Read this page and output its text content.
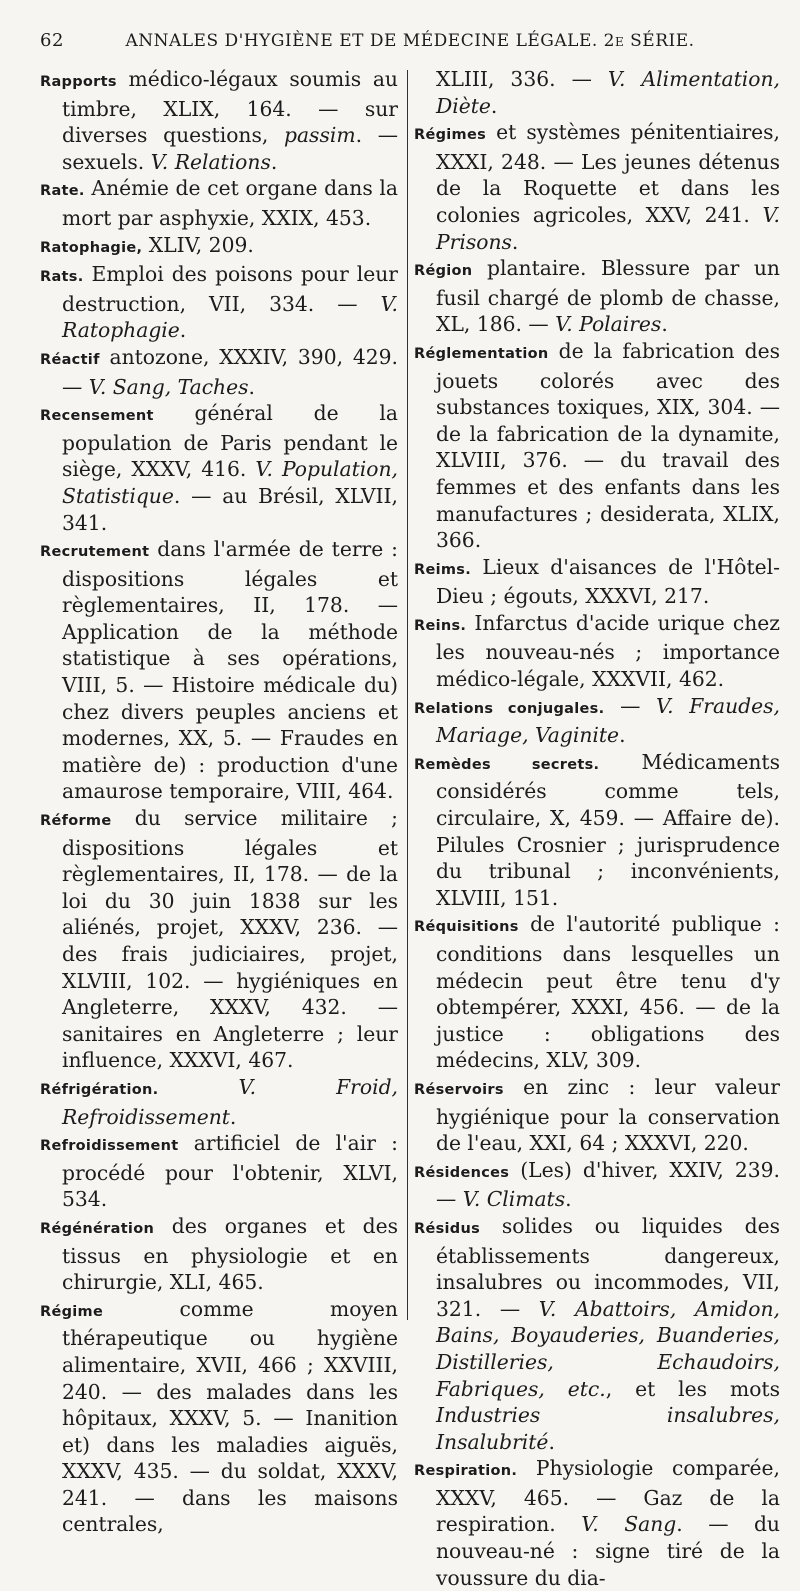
62	ANNALES D'HYGIÈNE ET DE MÉDECINE LÉGALE. 2e SÉRIE.

Rapports médico-légaux soumis au timbre, XLIX, 164. — sur diverses questions, passim. — sexuels. V. Relations.

Rate. Anémie de cet organe dans la mort par asphyxie, XXIX, 453.

Ratophagie, XLIV, 209.

Rats. Emploi des poisons pour leur destruction, VII, 334. — V. Ratophagie.

Réactif antozone, XXXIV, 390, 429. — V. Sang, Taches.

Recensement général de la population de Paris pendant le siège, XXXV, 416. V. Population, Statistique. — au Brésil, XLVII, 341.

Recrutement dans l'armée de terre : dispositions légales et règlementaires, II, 178. — Application de la méthode statistique à ses opérations, VIII, 5. — Histoire médicale du) chez divers peuples anciens et modernes, XX, 5. — Fraudes en matière de) : production d'une amaurose temporaire, VIII, 464.

Réforme du service militaire ; dispositions légales et règlementaires, II, 178. — de la loi du 30 juin 1838 sur les aliénés, projet, XXXV, 236. — des frais judiciaires, projet, XLVIII, 102. — hygiéniques en Angleterre, XXXV, 432. — sanitaires en Angleterre ; leur influence, XXXVI, 467.

Réfrigération.	V. Froid, Refroidissement.

Refroidissement artificiel de l'air : procédé pour l'obtenir, XLVI, 534.

Régénération des organes et des tissus en physiologie et en chirurgie, XLI, 465.

Régime comme moyen thérapeutique ou hygiène alimentaire, XVII, 466 ; XXVIII, 240. — des malades dans les hôpitaux, XXXV, 5. — Inanition et) dans les maladies aiguës, XXXV, 435. — du soldat, XXXV, 241. — dans les maisons centrales,

XLIII, 336. — V. Alimentation, Diète.

Régimes et systèmes pénitentiaires, XXXI, 248. — Les jeunes détenus de la Roquette et dans les colonies agricoles, XXV, 241. V. Prisons.

Région plantaire. Blessure par un fusil chargé de plomb de chasse, XL, 186. — V. Polaires.

Réglementation de la fabrication des jouets colorés avec des substances toxiques, XIX, 304. — de la fabrication de la dynamite, XLVIII, 376. — du travail des femmes et des enfants dans les manufactures ; desiderata, XLIX, 366.

Reims. Lieux d'aisances de l'Hôtel-Dieu ; égouts, XXXVI, 217.

Reins. Infarctus d'acide urique chez les nouveau-nés ; importance médico-légale, XXXVII, 462.

Relations conjugales. — V. Fraudes, Mariage, Vaginite.

Remèdes secrets. Médicaments considérés comme tels, circulaire, X, 459. — Affaire de). Pilules Crosnier ; jurisprudence du tribunal ; inconvénients, XLVIII, 151.

Réquisitions de l'autorité publique : conditions dans lesquelles un médecin peut être tenu d'y obtempérer, XXXI, 456. — de la justice : obligations des médecins, XLV, 309.

Réservoirs en zinc : leur valeur hygiénique pour la conservation de l'eau, XXI, 64 ; XXXVI, 220.

Résidences (Les) d'hiver, XXIV, 239. — V. Climats.

Résidus solides ou liquides des établissements dangereux, insalubres ou incommodes, VII, 321. — V. Abattoirs, Amidon, Bains, Boyauderies, Buanderies, Distilleries, Echaudoirs, Fabriques, etc., et les mots Industries insalubres, Insalubrité.

Respiration. Physiologie comparée, XXXV, 465. — Gaz de la respiration. V. Sang. — du nouveau-né : signe tiré de la voussure du dia-
